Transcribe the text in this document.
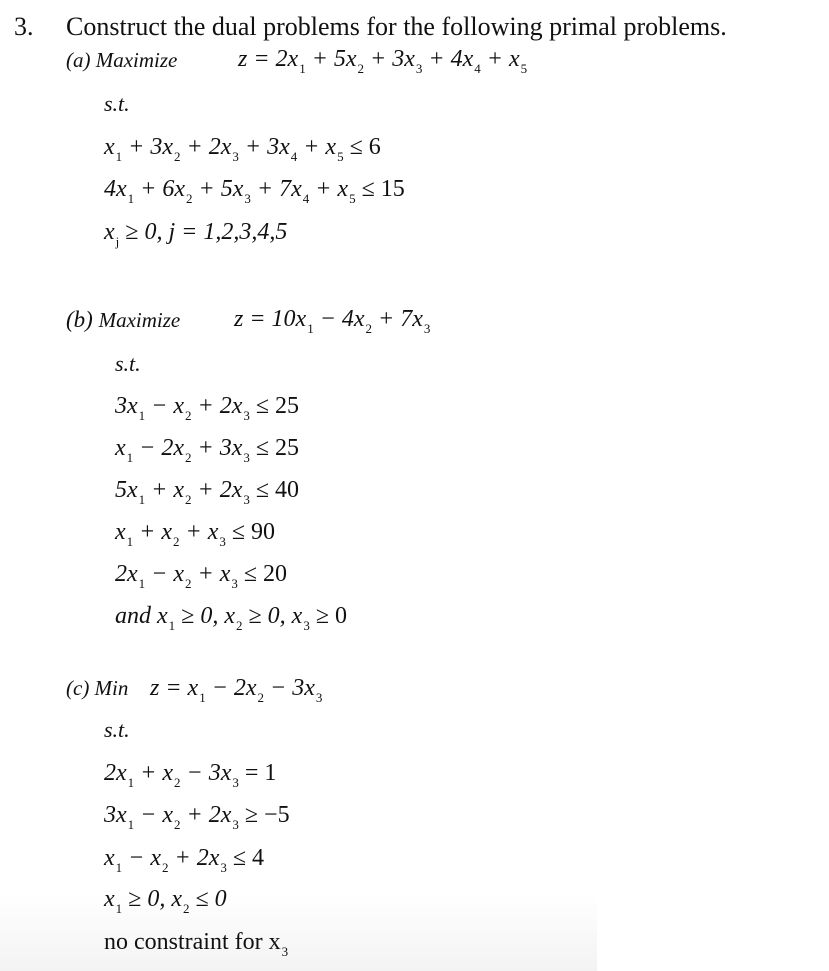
3. Construct the dual problems for the following primal problems.
(a) Maximize	$z = 2x_1 + 5x_2 + 3x_3 + 4x_4 + x_5$
s.t.
$x_1 + 3x_2 + 2x_3 + 3x_4 + x_5 \le 6$
$4x_1 + 6x_2 + 5x_3 + 7x_4 + x_5 \le 15$
$x_j \ge 0$, j = 1,2,3,4,5
(b) Maximize $z = 10x_1 - 4x_2 + 7x_3$
s.t.
$3x_1 - x_2 + 2x_3 \le 25$
$x_1 - 2x_2 + 3x_3 \le 25$
$5x_1 + x_2 + 2x_3 \le 40$
$x_1 + x_2 + x_3 \le 90$
$2x_1 - x_2 + x_3 \le 20$
and $x_1 \ge 0$, $x_2 \ge 0$, $x_3 \ge 0$
(c) Min $z = x_1 - 2x_2 - 3x_3$
s.t.
$2x_1 + x_2 - 3x_3 = 1$
$3x_1 - x_2 + 2x_3 \ge -5$
$x_1 - x_2 + 2x_3 \le 4$
$x_1 \ge 0$, $x_2 \le 0$
no constraint for $x_3$
